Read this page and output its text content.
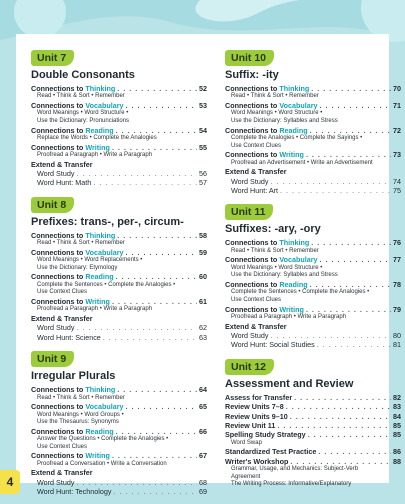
Unit 7
Double Consonants
Connections to Thinking . . .	52
Read • Think & Sort • Remember
Connections to Vocabulary . . .	53
Word Meanings • Word Structure •
Use the Dictionary: Pronunciations
Connections to Reading . . .	54
Replace the Words • Complete the Analogies
Connections to Writing . . .	55
Proofread a Paragraph • Write a Paragraph
Extend & Transfer
Word Study . . .	56
Word Hunt: Math . . .	57
Unit 8
Prefixes: trans-, per-, circum-
Connections to Thinking . . .	58
Read • Think & Sort • Remember
Connections to Vocabulary . . .	59
Word Meanings • Word Replacements •
Use the Dictionary: Etymology
Connections to Reading . . .	60
Complete the Sentences • Complete the Analogies •
Use Context Clues
Connections to Writing . . .	61
Proofread a Paragraph • Write a Paragraph
Extend & Transfer
Word Study . . .	62
Word Hunt: Science . . .	63
Unit 9
Irregular Plurals
Connections to Thinking . . .	64
Read • Think & Sort • Remember
Connections to Vocabulary . . .	65
Word Meanings • Word Groups •
Use the Thesaurus: Synonyms
Connections to Reading . . .	66
Answer the Questions • Complete the Analogies •
Use Context Clues
Connections to Writing . . .	67
Proofread a Conversation • Write a Conversation
Extend & Transfer
Word Study . . .	68
Word Hunt: Technology . . .	69
Unit 10
Suffix: -ity
Connections to Thinking . . .	70
Read • Think & Sort • Remember
Connections to Vocabulary . . .	71
Word Meanings • Word Structure •
Use the Dictionary: Syllables and Stress
Connections to Reading . . .	72
Complete the Analogies • Complete the Sayings •
Use Context Clues
Connections to Writing . . .	73
Proofread an Advertisement • Write an Advertisement
Extend & Transfer
Word Study . . .	74
Word Hunt: Art . . .	75
Unit 11
Suffixes: -ary, -ory
Connections to Thinking . . .	76
Read • Think & Sort • Remember
Connections to Vocabulary . . .	77
Word Meanings • Word Structure •
Use the Dictionary: Syllables and Stress
Connections to Reading . . .	78
Complete the Sentences • Complete the Analogies •
Use Context Clues
Connections to Writing . . .	79
Proofread a Paragraph • Write a Paragraph
Extend & Transfer
Word Study . . .	80
Word Hunt: Social Studies . . .	81
Unit 12
Assessment and Review
Assess for Transfer . . .	82
Review Units 7–8 . . .	83
Review Units 9–10 . . .	84
Review Unit 11 . . .	85
Spelling Study Strategy . . .	85
Word Swap
Standardized Test Practice . . .	86
Writer's Workshop . . .	88
Grammar, Usage, and Mechanics: Subject-Verb
Agreement
The Writing Process: Informative/Explanatory
4
